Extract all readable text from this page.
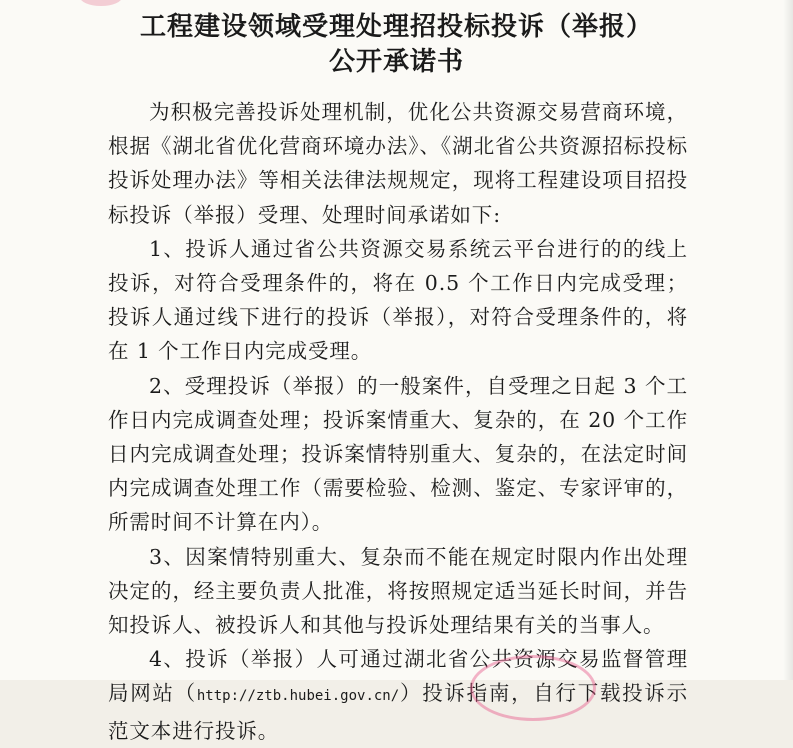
工程建设领域受理处理招投标投诉（举报）
公开承诺书

为积极完善投诉处理机制，优化公共资源交易营商环境，根据《湖北省优化营商环境办法》、《湖北省公共资源招标投标投诉处理办法》等相关法律法规规定，现将工程建设项目招投标投诉（举报）受理、处理时间承诺如下:

1、投诉人通过省公共资源交易系统云平台进行的的线上投诉，对符合受理条件的，将在 0.5 个工作日内完成受理；投诉人通过线下进行的投诉（举报），对符合受理条件的，将在 1 个工作日内完成受理。

2、受理投诉（举报）的一般案件，自受理之日起 3 个工作日内完成调查处理；投诉案情重大、复杂的，在 20 个工作日内完成调查处理；投诉案情特别重大、复杂的，在法定时间内完成调查处理工作（需要检验、检测、鉴定、专家评审的，所需时间不计算在内）。

3、因案情特别重大、复杂而不能在规定时限内作出处理决定的，经主要负责人批准，将按照规定适当延长时间，并告知投诉人、被投诉人和其他与投诉处理结果有关的当事人。

4、投诉（举报）人可通过湖北省公共资源交易监督管理局网站（http://ztb.hubei.gov.cn/）投诉指南，自行下载投诉示范文本进行投诉。
